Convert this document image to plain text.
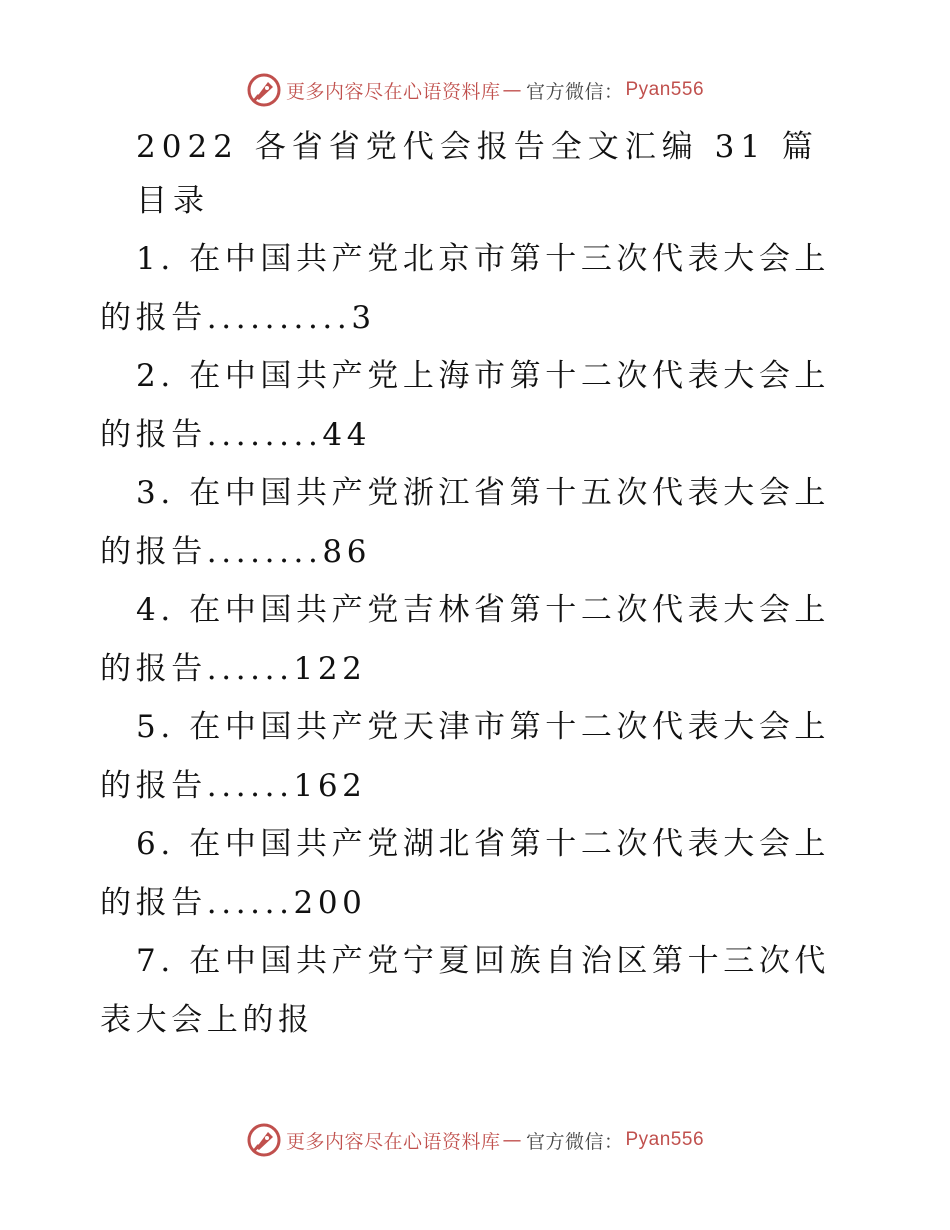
更多内容尽在心语资料库 — 官方微信： Pyan556
2022 各省省党代会报告全文汇编 31 篇
目录
1. 在中国共产党北京市第十三次代表大会上的报告..........3
2. 在中国共产党上海市第十二次代表大会上的报告........44
3. 在中国共产党浙江省第十五次代表大会上的报告........86
4. 在中国共产党吉林省第十二次代表大会上的报告......122
5. 在中国共产党天津市第十二次代表大会上的报告......162
6. 在中国共产党湖北省第十二次代表大会上的报告......200
7. 在中国共产党宁夏回族自治区第十三次代表大会上的报
更多内容尽在心语资料库 — 官方微信： Pyan556
